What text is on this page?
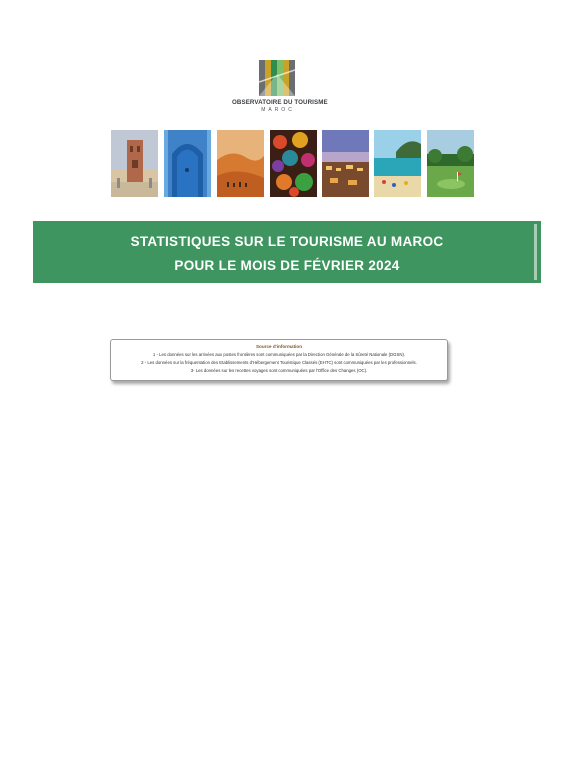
OBSERVATOIRE DU TOURISME
MAROC
STATISTIQUES SUR LE TOURISME AU MAROC
POUR LE MOIS DE FÉVRIER 2024
Source d'information
1 - Les données sur les arrivées aux postes frontières sont communiquées par la Direction Générale de la Sûreté Nationale (DGSN).
2 - Les données sur la fréquentation des Etablissements d'Hébergement Touristique Classés (EHTC) sont communiquées par les professionnels.
3- Les données sur les recettes voyages sont communiquées par l'Office des Changes (OC).
